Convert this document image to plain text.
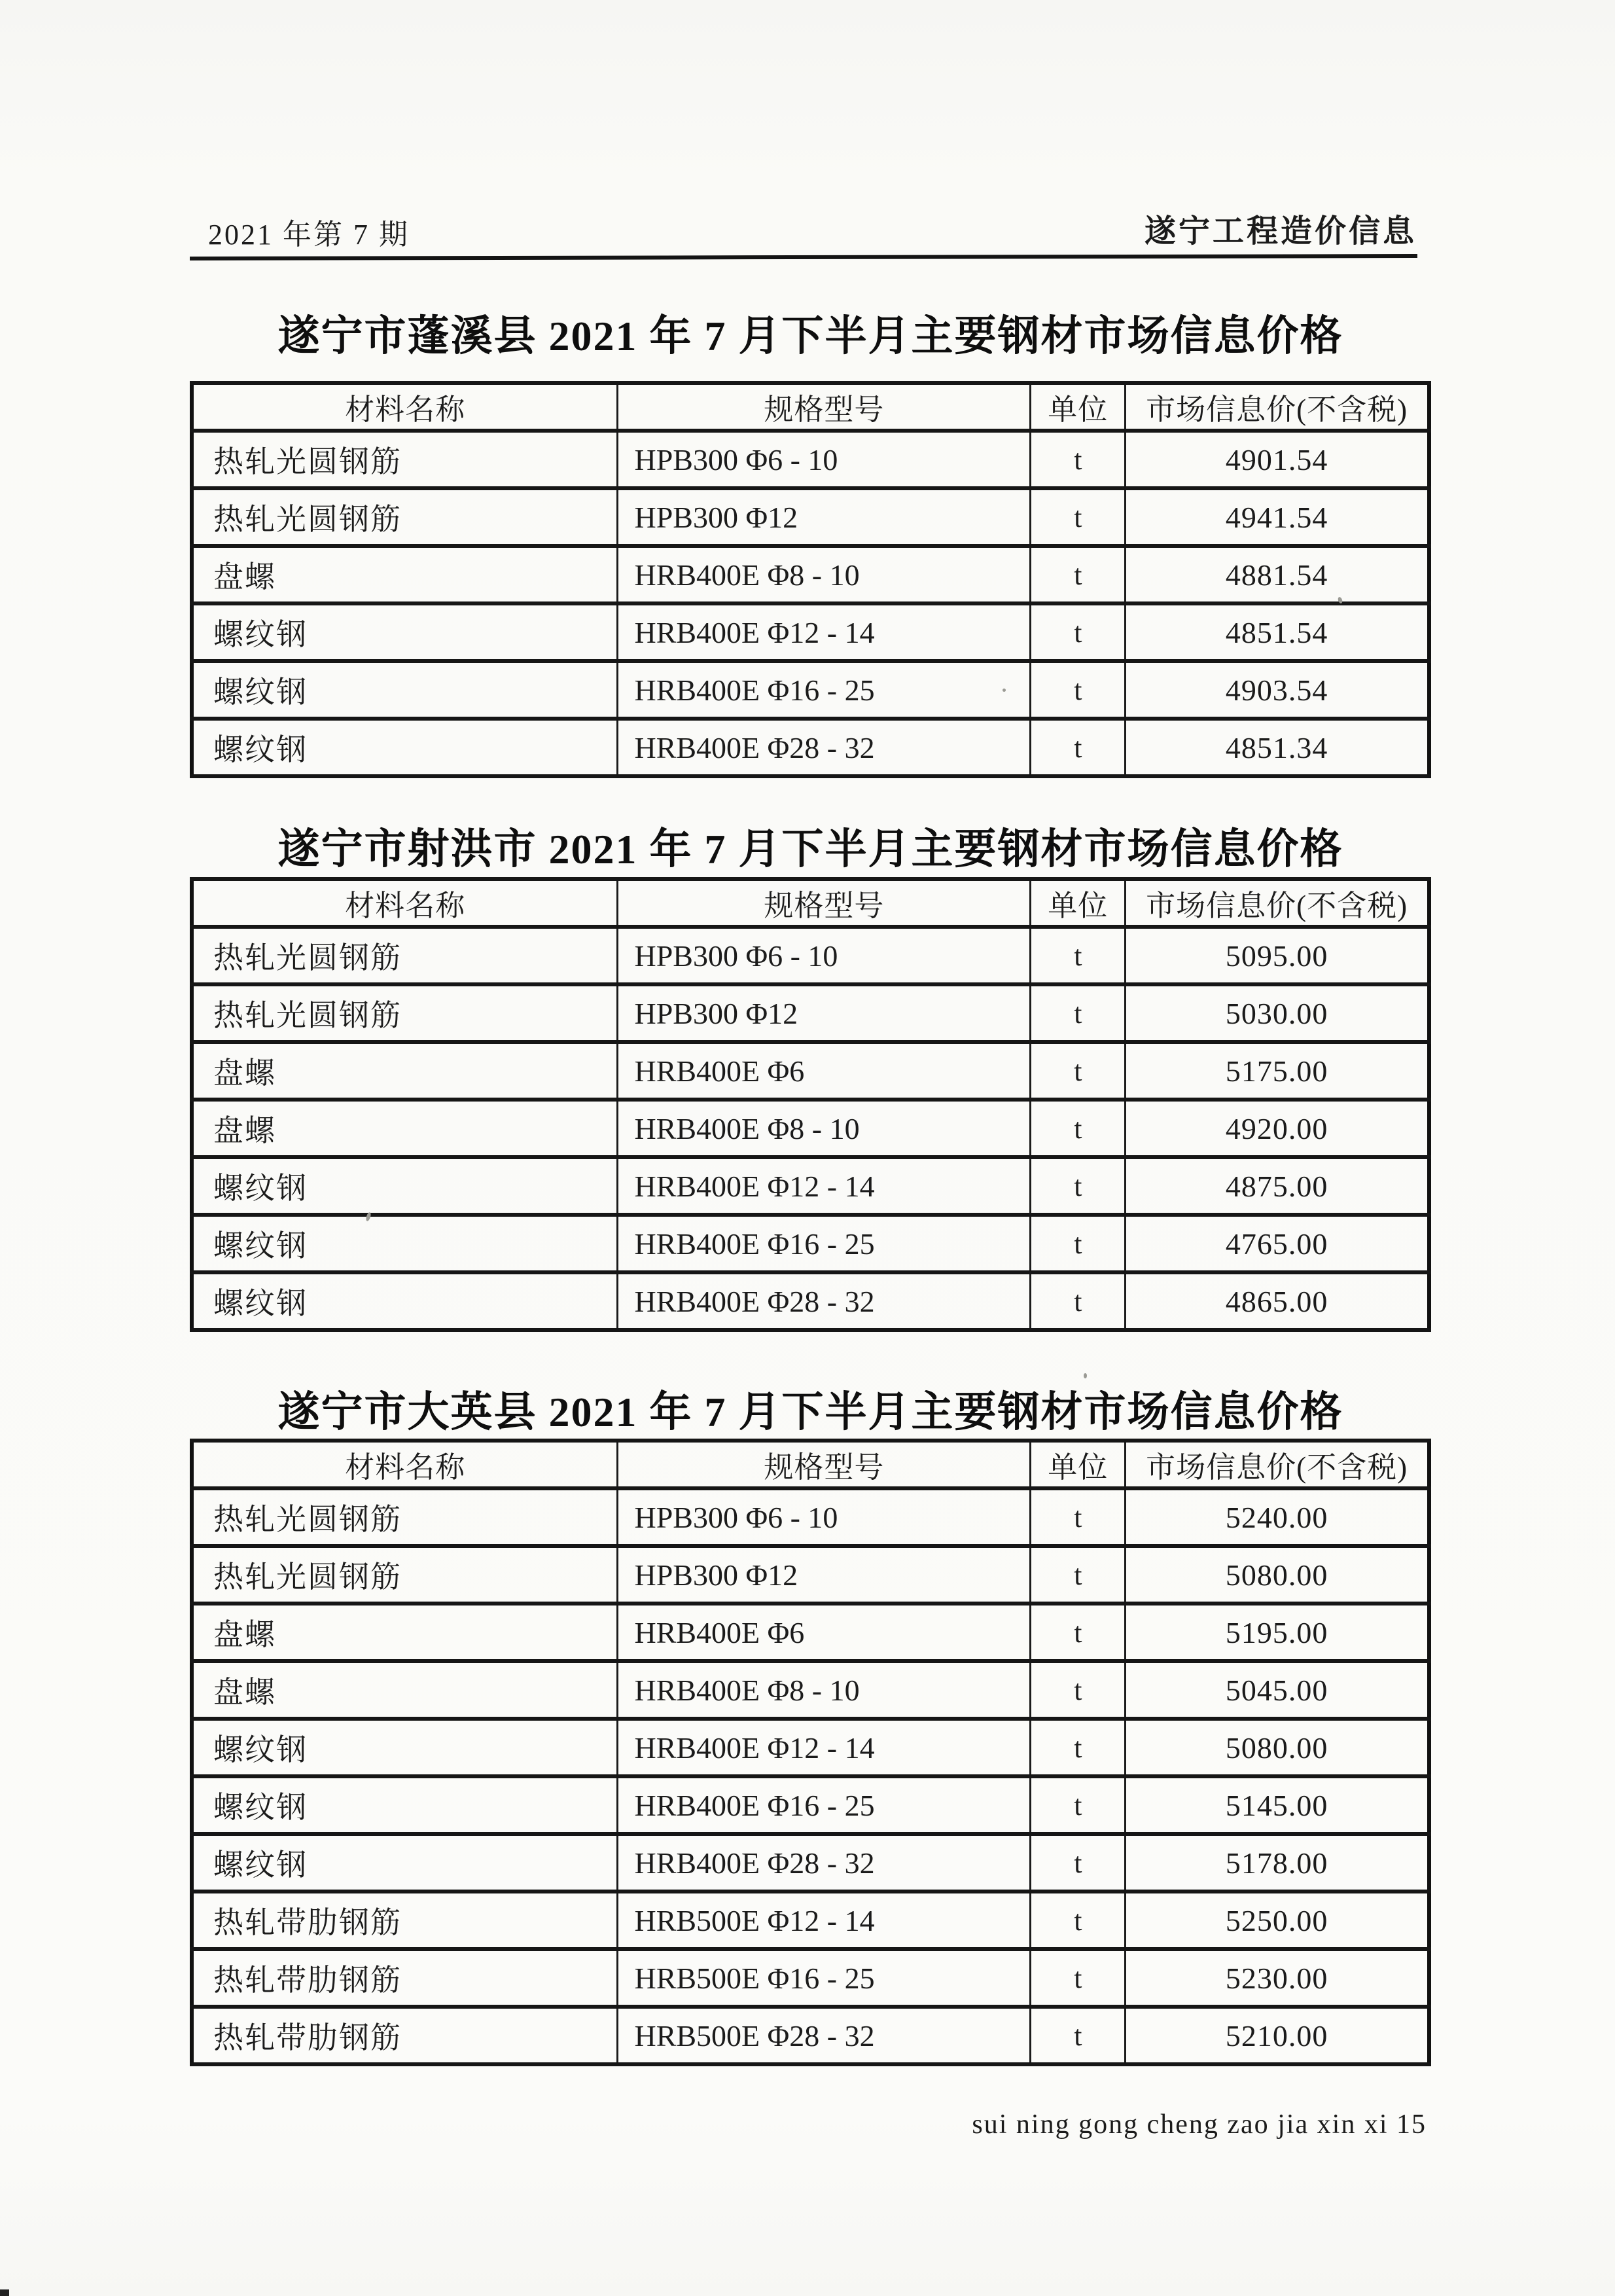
2021 年第 7 期	遂宁工程造价信息
遂宁市蓬溪县 2021 年 7 月下半月主要钢材市场信息价格
材料名称	规格型号	单位	市场信息价(不含税)
热轧光圆钢筋	HPB300 Φ6 - 10	t	4901.54
热轧光圆钢筋	HPB300 Φ12	t	4941.54
盘螺	HRB400E Φ8 - 10	t	4881.54
螺纹钢	HRB400E Φ12 - 14	t	4851.54
螺纹钢	HRB400E Φ16 - 25	t	4903.54
螺纹钢	HRB400E Φ28 - 32	t	4851.34
遂宁市射洪市 2021 年 7 月下半月主要钢材市场信息价格
材料名称	规格型号	单位	市场信息价(不含税)
热轧光圆钢筋	HPB300 Φ6 - 10	t	5095.00
热轧光圆钢筋	HPB300 Φ12	t	5030.00
盘螺	HRB400E Φ6	t	5175.00
盘螺	HRB400E Φ8 - 10	t	4920.00
螺纹钢	HRB400E Φ12 - 14	t	4875.00
螺纹钢	HRB400E Φ16 - 25	t	4765.00
螺纹钢	HRB400E Φ28 - 32	t	4865.00
遂宁市大英县 2021 年 7 月下半月主要钢材市场信息价格
材料名称	规格型号	单位	市场信息价(不含税)
热轧光圆钢筋	HPB300 Φ6 - 10	t	5240.00
热轧光圆钢筋	HPB300 Φ12	t	5080.00
盘螺	HRB400E Φ6	t	5195.00
盘螺	HRB400E Φ8 - 10	t	5045.00
螺纹钢	HRB400E Φ12 - 14	t	5080.00
螺纹钢	HRB400E Φ16 - 25	t	5145.00
螺纹钢	HRB400E Φ28 - 32	t	5178.00
热轧带肋钢筋	HRB500E Φ12 - 14	t	5250.00
热轧带肋钢筋	HRB500E Φ16 - 25	t	5230.00
热轧带肋钢筋	HRB500E Φ28 - 32	t	5210.00
sui ning gong cheng zao jia xin xi 15
